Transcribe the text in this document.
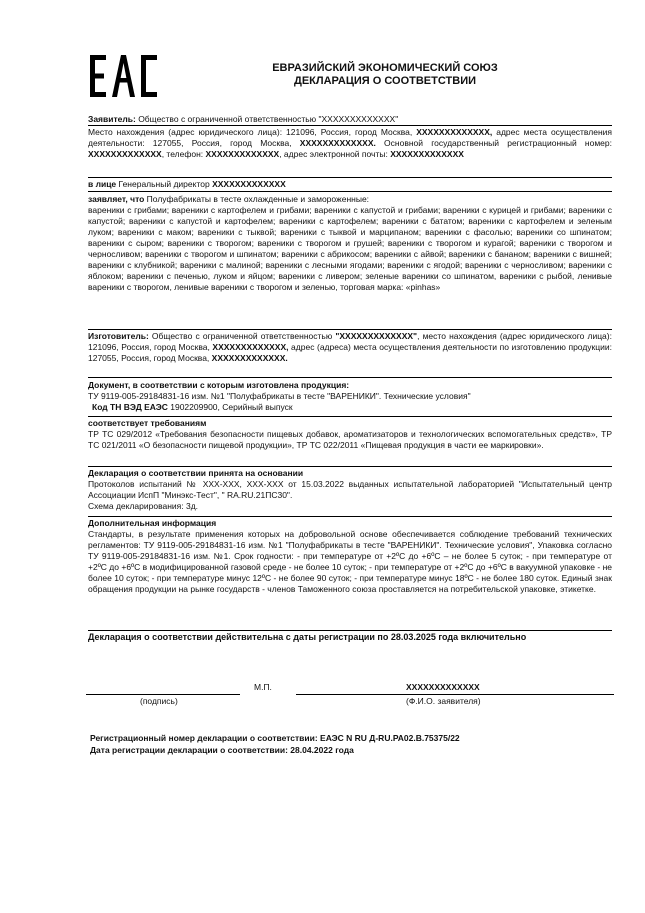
ЕВРАЗИЙСКИЙ ЭКОНОМИЧЕСКИЙ СОЮЗ
ДЕКЛАРАЦИЯ О СООТВЕТСТВИИ
Заявитель: Общество с ограниченной ответственностью "ХХХХХХХХХХХХХ"
Место нахождения (адрес юридического лица): 121096, Россия, город Москва, ХХХХХХХХХХХХХ, адрес места осуществления деятельности: 127055, Россия, город Москва, ХХХХХХХХХХХХХ. Основной государственный регистрационный номер: ХХХХХХХХХХХХХ, телефон: ХХХХХХХХХХХХХ, адрес электронной почты: ХХХХХХХХХХХХХ
в лице Генеральный директор ХХХХХХХХХХХХХ
заявляет, что Полуфабрикаты в тесте охлажденные и замороженные:
вареники с грибами; вареники с картофелем и грибами; вареники с капустой и грибами; вареники с курицей и грибами; вареники с капустой; вареники с капустой и картофелем; вареники с картофелем; вареники с бататом; вареники с картофелем и зеленым луком; вареники с маком; вареники с тыквой; вареники с тыквой и марципаном; вареники с фасолью; вареники со шпинатом; вареники с сыром; вареники с творогом; вареники с творогом и грушей; вареники с творогом и курагой; вареники с творогом и черносливом; вареники с творогом и шпинатом; вареники с абрикосом; вареники с айвой; вареники с бананом; вареники с вишней; вареники с клубникой; вареники с малиной; вареники с лесными ягодами; вареники с ягодой; вареники с черносливом; вареники с яблоком; вареники с печенью, луком и яйцом; вареники с ливером; зеленые вареники со шпинатом, вареники с рыбой, ленивые вареники с творогом, ленивые вареники с творогом и зеленью, торговая марка: «pinhas»
Изготовитель: Общество с ограниченной ответственностью "ХХХХХХХХХХХХХ", место нахождения (адрес юридического лица): 121096, Россия, город Москва, ХХХХХХХХХХХХХ, адрес (адреса) места осуществления деятельности по изготовлению продукции: 127055, Россия, город Москва, ХХХХХХХХХХХХХ.
Документ, в соответствии с которым изготовлена продукция:
ТУ 9119-005-29184831-16 изм. №1 "Полуфабрикаты в тесте "ВАРЕНИКИ". Технические условия"
Код ТН ВЭД ЕАЭС 1902209900, Серийный выпуск
соответствует требованиям
ТР ТС 029/2012 «Требования безопасности пищевых добавок, ароматизаторов и технологических вспомогательных средств», ТР ТС 021/2011 «О безопасности пищевой продукции», ТР ТС 022/2011 «Пищевая продукция в части ее маркировки».
Декларация о соответствии принята на основании
Протоколов испытаний № ХХХ-ХХХ, ХХХ-ХХХ от 15.03.2022 выданных испытательной лабораторией "Испытательный центр Ассоциации ИспП "Минэкс-Тест", " RA.RU.21ПС30".
Схема декларирования: 3д.
Дополнительная информация
Стандарты, в результате применения которых на добровольной основе обеспечивается соблюдение требований технических регламентов: ТУ 9119-005-29184831-16 изм. №1 "Полуфабрикаты в тесте "ВАРЕНИКИ". Технические условия", Упаковка согласно ТУ 9119-005-29184831-16 изм. №1. Срок годности: - при температуре от +2ºС до +6ºС – не более 5 суток; - при температуре от +2ºС до +6ºС в модифицированной газовой среде - не более 10 суток; - при температуре от +2ºС до +6ºС в вакуумной упаковке - не более 10 суток; - при температуре минус 12ºС - не более 90 суток; - при температуре минус 18ºС - не более 180 суток. Единый знак обращения продукции на рынке государств - членов Таможенного союза проставляется на потребительской упаковке, этикетке.
Декларация о соответствии действительна с даты регистрации по 28.03.2025 года включительно
М.П.	ХХХХХХХХХХХХХ
(подпись)	(Ф.И.О. заявителя)
Регистрационный номер декларации о соответствии: ЕАЭС N RU Д-RU.РА02.В.75375/22
Дата регистрации декларации о соответствии: 28.04.2022 года
